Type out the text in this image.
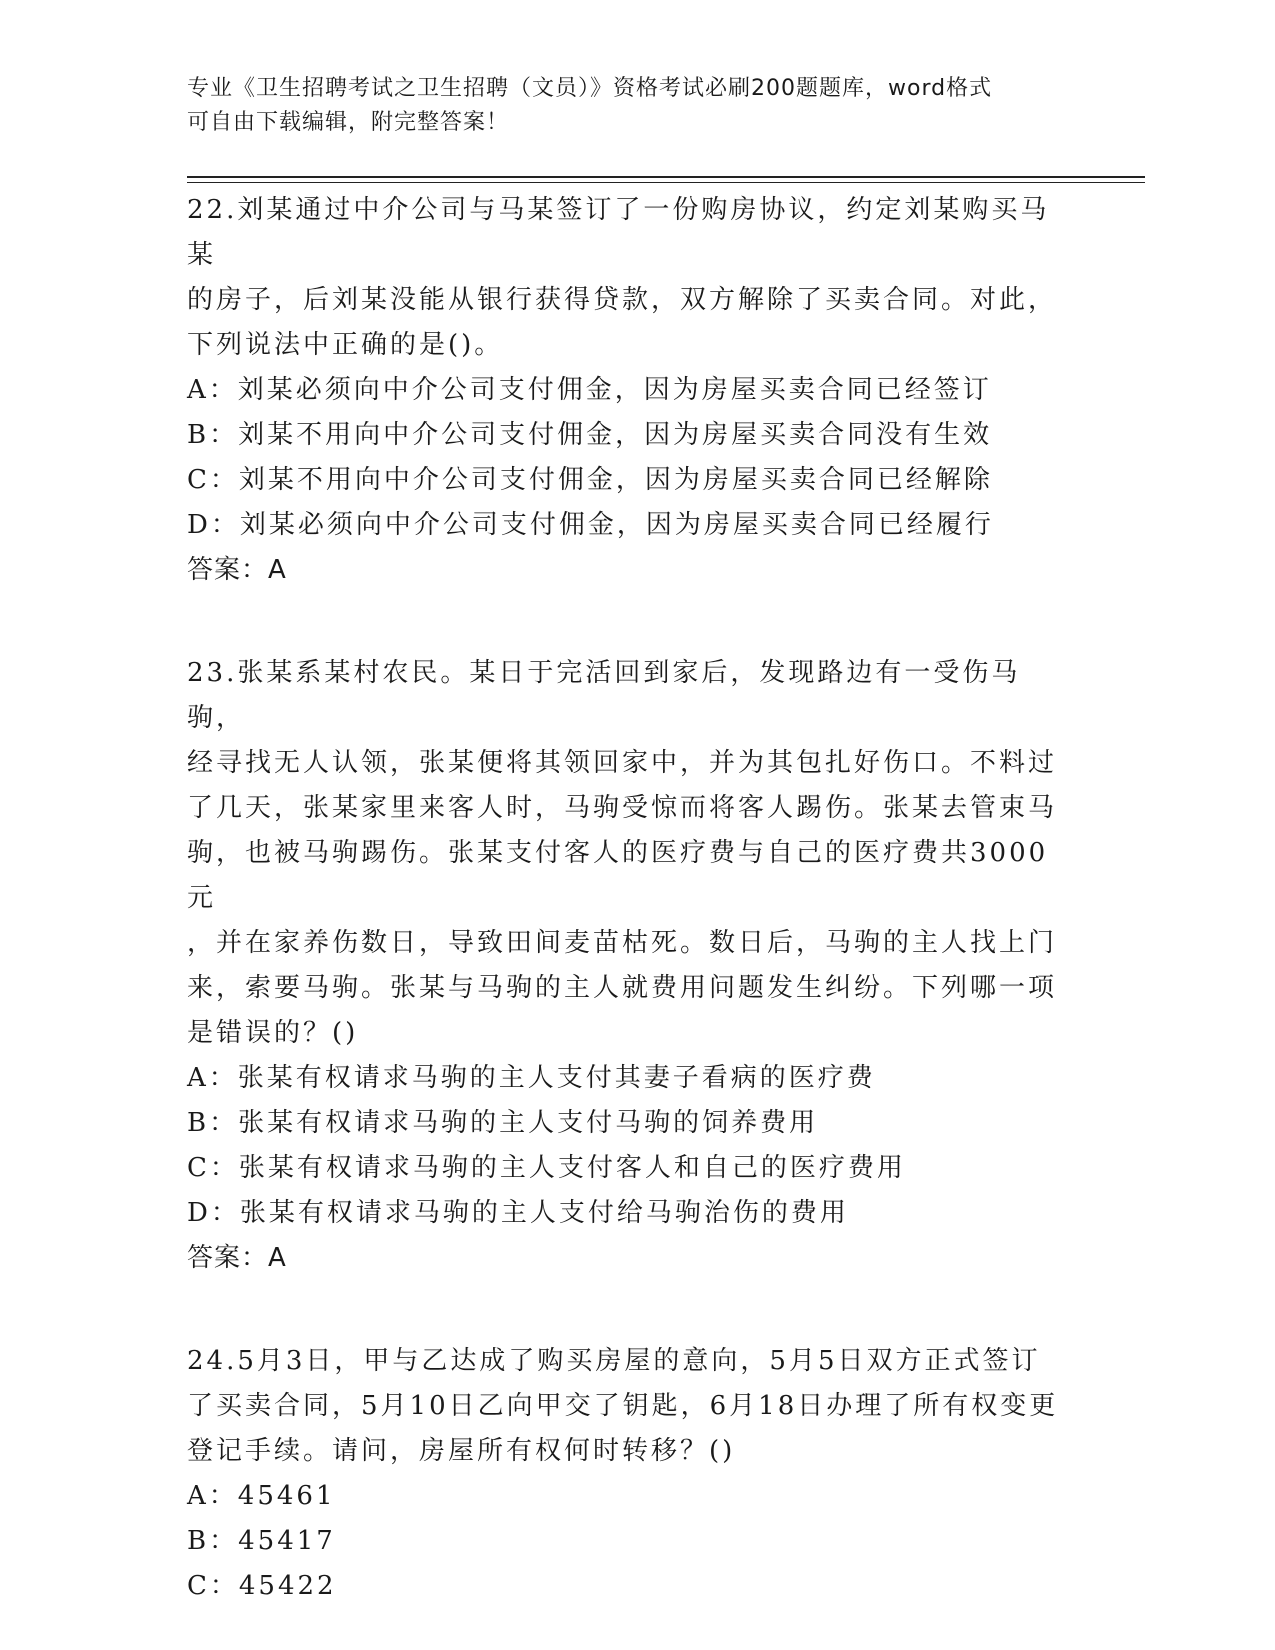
专业《卫生招聘考试之卫生招聘（文员）》资格考试必刷200题题库，word格式
可自由下载编辑，附完整答案！

22.刘某通过中介公司与马某签订了一份购房协议，约定刘某购买马某

的房子，后刘某没能从银行获得贷款，双方解除了买卖合同。对此，

下列说法中正确的是()。

A：刘某必须向中介公司支付佣金，因为房屋买卖合同已经签订

B：刘某不用向中介公司支付佣金，因为房屋买卖合同没有生效

C：刘某不用向中介公司支付佣金，因为房屋买卖合同已经解除

D：刘某必须向中介公司支付佣金，因为房屋买卖合同已经履行

答案：A

23.张某系某村农民。某日于完活回到家后，发现路边有一受伤马驹，

经寻找无人认领，张某便将其领回家中，并为其包扎好伤口。不料过

了几天，张某家里来客人时，马驹受惊而将客人踢伤。张某去管束马

驹，也被马驹踢伤。张某支付客人的医疗费与自己的医疗费共3000元

，并在家养伤数日，导致田间麦苗枯死。数日后，马驹的主人找上门

来，索要马驹。张某与马驹的主人就费用问题发生纠纷。下列哪一项

是错误的？()

A：张某有权请求马驹的主人支付其妻子看病的医疗费

B：张某有权请求马驹的主人支付马驹的饲养费用

C：张某有权请求马驹的主人支付客人和自己的医疗费用

D：张某有权请求马驹的主人支付给马驹治伤的费用

答案：A

24.5月3日，甲与乙达成了购买房屋的意向，5月5日双方正式签订

了买卖合同，5月10日乙向甲交了钥匙，6月18日办理了所有权变更

登记手续。请问，房屋所有权何时转移？()

A：45461

B：45417

C：45422
